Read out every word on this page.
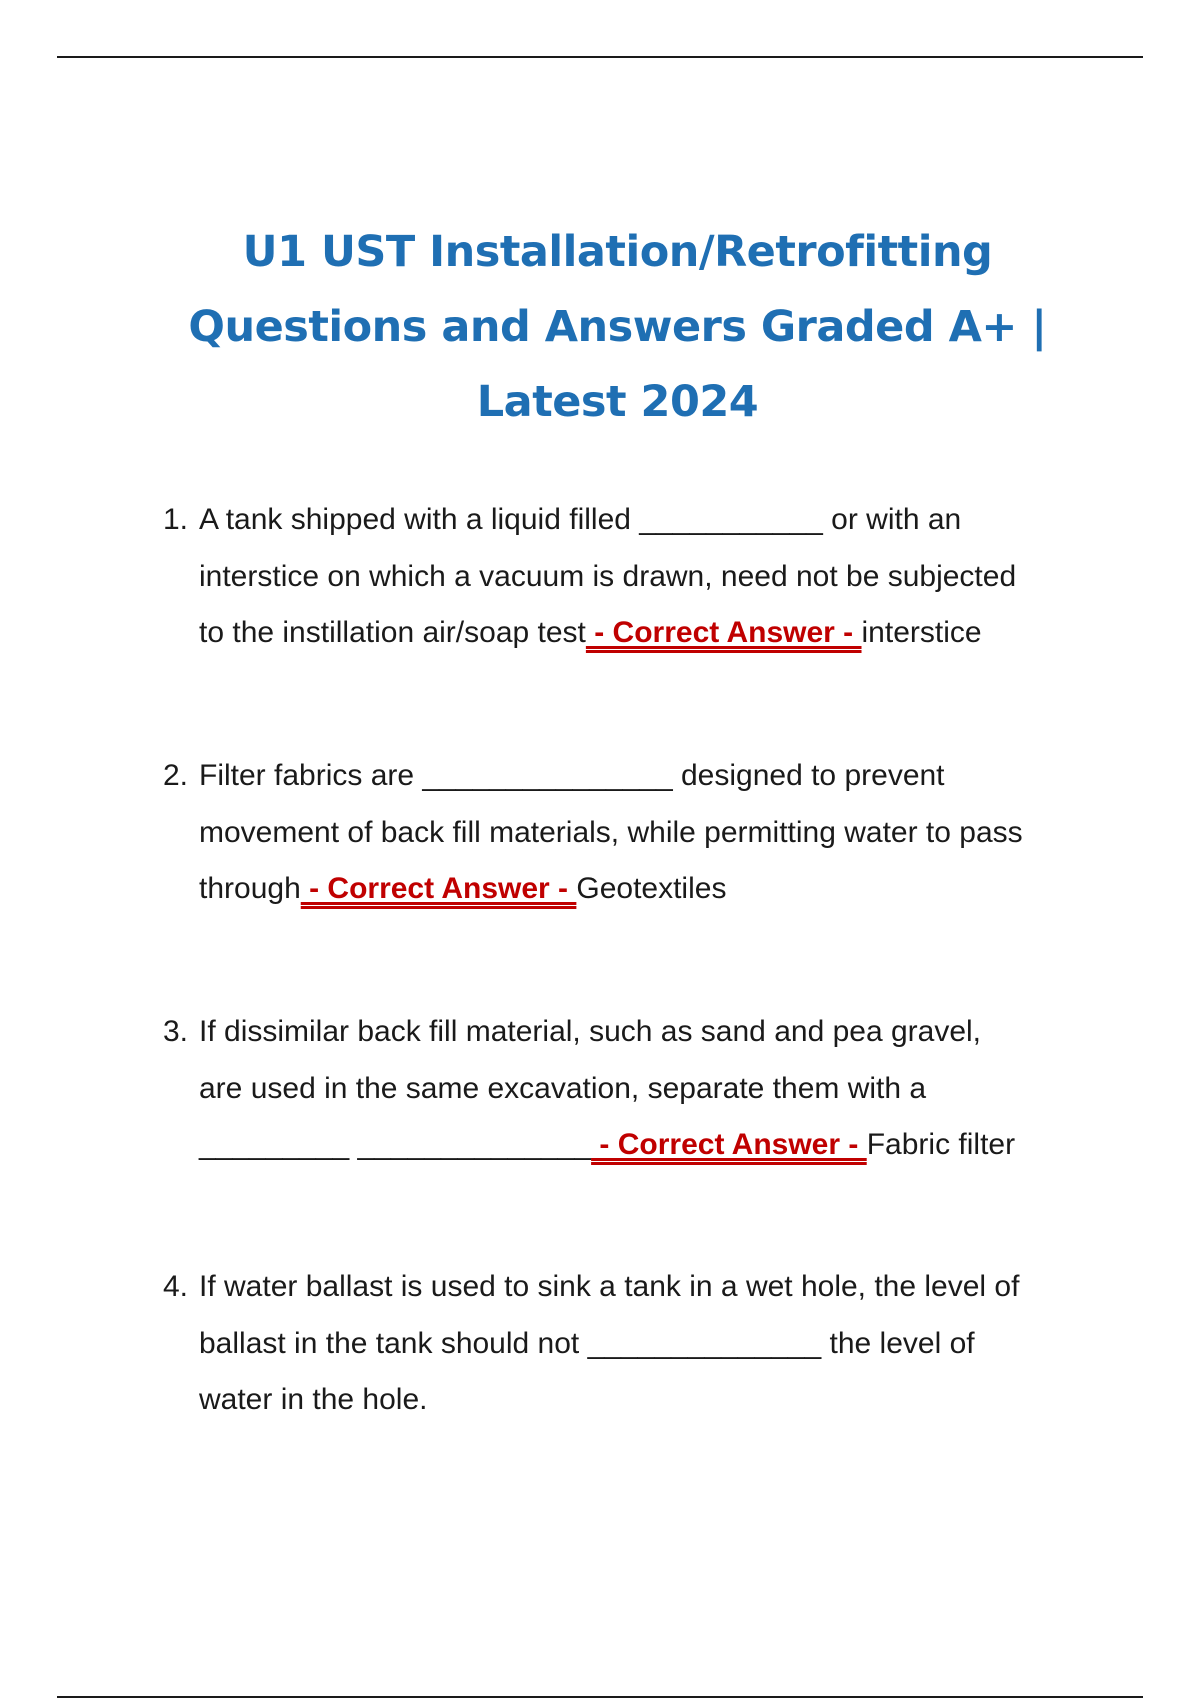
U1 UST Installation/Retrofitting
Questions and Answers Graded A+ |
Latest 2024
1. A tank shipped with a liquid filled ___________ or with an
interstice on which a vacuum is drawn, need not be subjected
to the instillation air/soap test - Correct Answer - interstice
2. Filter fabrics are _______________ designed to prevent
movement of back fill materials, while permitting water to pass
through - Correct Answer - Geotextiles
3. If dissimilar back fill material, such as sand and pea gravel,
are used in the same excavation, separate them with a
_________ ______________ - Correct Answer - Fabric filter
4. If water ballast is used to sink a tank in a wet hole, the level of
ballast in the tank should not ______________ the level of
water in the hole.
